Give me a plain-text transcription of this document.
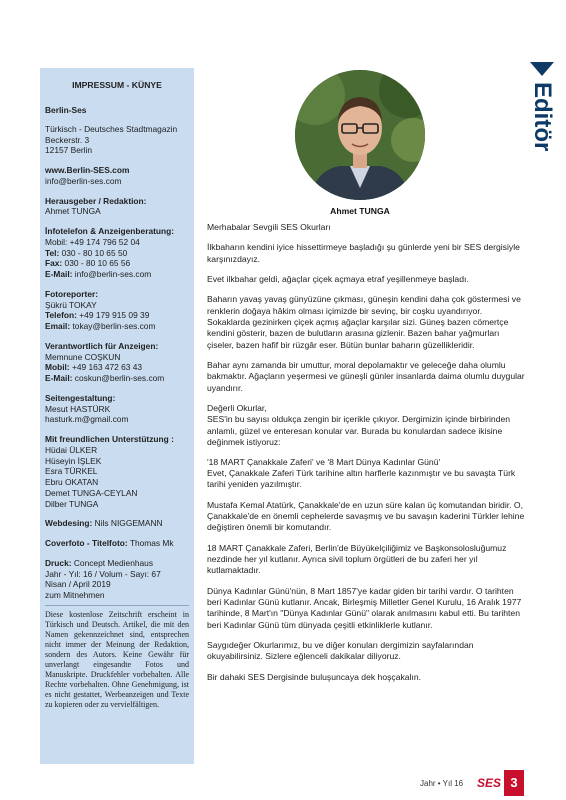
Editör
IMPRESSUM - KÜNYE
Berlin-Ses
Türkisch - Deutsches Stadtmagazin
Beckerstr. 3
12157 Berlin
www.Berlin-SES.com
info@berlin-ses.com
Herausgeber / Redaktion:
Ahmet TUNGA
İnfotelefon & Anzeigenberatung:
Mobil: +49 174 796 52 04
Tel: 030 - 80 10 65 50
Fax: 030 - 80 10 65 56
E-Mail: info@berlin-ses.com
Fotoreporter:
Şükrü TOKAY
Telefon: +49 179 915 09 39
Email: tokay@berlin-ses.com
Verantwortlich für Anzeigen:
Memnune COŞKUN
Mobil: +49 163 472 63 43
E-Mail: coskun@berlin-ses.com
Seitengestaltung:
Mesut HASTÜRK
hasturk.m@gmail.com
Mit freundlichen Unterstützung :
Hüdai ÜLKER
Hüseyin İŞLEK
Esra TÜRKEL
Ebru OKATAN
Demet TUNGA-CEYLAN
Dilber TUNGA
Webdesing: Nils NIGGEMANN
Coverfoto - Titelfoto: Thomas Mk
Druck: Concept Medienhaus
Jahr - Yıl: 16 / Volum - Sayı: 67
Nisan / April 2019
zum Mitnehmen
Diese kostenlose Zeitschrift erscheint in Türkisch und Deutsch. Artikel, die mit den Namen gekennzeichnet sind, entsprechen nicht immer der Meinung der Redaktion, sondern des Autors. Keine Gewähr für unverlangt eingesandte Fotos und Manuskripte. Druckfehler vorbehalten. Alle Rechte vorbehalten. Ohne Genehmigung, ist es nicht gestattet, Werbeanzeigen und Texte zu kopieren oder zu vervielfältigen.
Ahmet TUNGA

Merhabalar Sevgili SES Okurları

İlkbaharın kendini iyice hissettirmeye başladığı şu günlerde yeni bir SES dergisiyle karşınızdayız.

Evet ilkbahar geldi, ağaçlar çiçek açmaya etraf yeşillenmeye başladı.

Baharın yavaş yavaş günyüzüne çıkması, güneşin kendini daha çok göstermesi ve renklerin doğaya hâkim olması içimizde bir sevinç, bir coşku uyandırıyor. Sokaklarda gezinirken çiçek açmış ağaçlar karşılar sizi. Güneş bazen cömertçe kendini gösterir, bazen de bulutların arasına gizlenir. Bazen bahar yağmurları çiseler, bazen hafif bir rüzgâr eser. Bütün bunlar baharın güzellikleridir.

Bahar aynı zamanda bir umuttur, moral depolamaktır ve geleceğe daha olumlu bakmaktır. Ağaçların yeşermesi ve güneşli günler insanlarda daima olumlu duygular uyandırır.

Değerli Okurlar,
SES'in bu sayısı oldukça zengin bir içerikle çıkıyor. Dergimizin içinde birbirinden anlamlı, güzel ve enteresan konular var. Burada bu konulardan sadece ikisine değinmek istiyoruz:

'18 MART Çanakkale Zaferi' ve '8 Mart Dünya Kadınlar Günü'
Evet, Çanakkale Zaferi Türk tarihine altın harflerle kazınmıştır ve bu savaşta Türk tarihi yeniden yazılmıştır.

Mustafa Kemal Atatürk, Çanakkale'de en uzun süre kalan üç komutandan biridir. O, Çanakkale'de en önemli cephelerde savaşmış ve bu savaşın kaderini Türkler lehine değiştiren önemli bir komutandır.

18 MART Çanakkale Zaferi, Berlin'de Büyükelçiliğimiz ve Başkonsolosluğumuz nezdinde her yıl kutlanır. Ayrıca sivil toplum örgütleri de bu zaferi her yıl kutlamaktadır.

Dünya Kadınlar Günü'nün, 8 Mart 1857'ye kadar giden bir tarihi vardır. O tarihten beri Kadınlar Günü kutlanır. Ancak, Birleşmiş Milletler Genel Kurulu, 16 Aralık 1977 tarihinde, 8 Mart'ın "Dünya Kadınlar Günü" olarak anılmasını kabul etti. Bu tarihten beri Kadınlar Günü tüm dünyada çeşitli etkinliklerle kutlanır.

Saygıdeğer Okurlarımız, bu ve diğer konuları dergimizin sayfalarından okuyabilirsiniz. Sizlere eğlenceli dakikalar diliyoruz.

Bir dahaki SES Dergisinde buluşuncaya dek hoşçakalın.

Jahr • Yıl 16 SES 3
